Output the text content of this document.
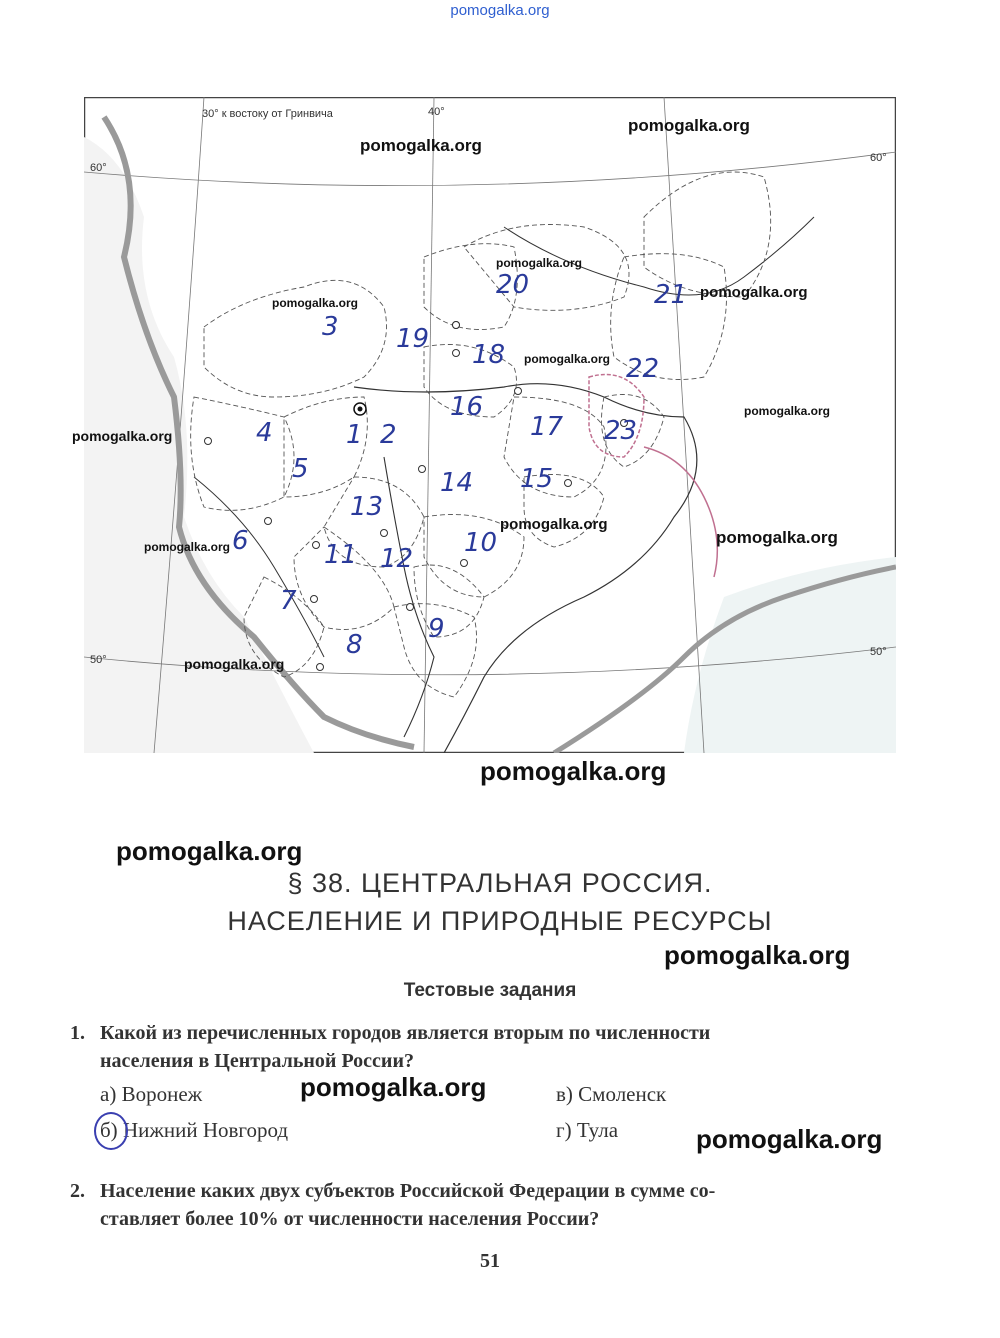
pomogalka.org
30° к востоку от Гринвича	40°
60°
60°
50°
50°
1 2
3
4
5
6
7
8
9
10
11 12
13
14 15
16
17
18
19
20	21
22
23
pomogalka.org
pomogalka.org
pomogalka.org
pomogalka.org
pomogalka.org
pomogalka.org
pomogalka.org
pomogalka.org
pomogalka.org
pomogalka.org
pomogalka.org
pomogalka.org
pomogalka.org
pomogalka.org
pomogalka.org
pomogalka.org
pomogalka.org
§ 38. ЦЕНТРАЛЬНАЯ РОССИЯ.
НАСЕЛЕНИЕ И ПРИРОДНЫЕ РЕСУРСЫ
Тестовые задания
1. Какой из перечисленных городов является вторым по численности
населения в Центральной России?
а) Воронеж
б) Нижний Новгород
в) Смоленск
г) Тула
2. Население каких двух субъектов Российской Федерации в сумме со-
ставляет более 10% от численности населения России?
51
